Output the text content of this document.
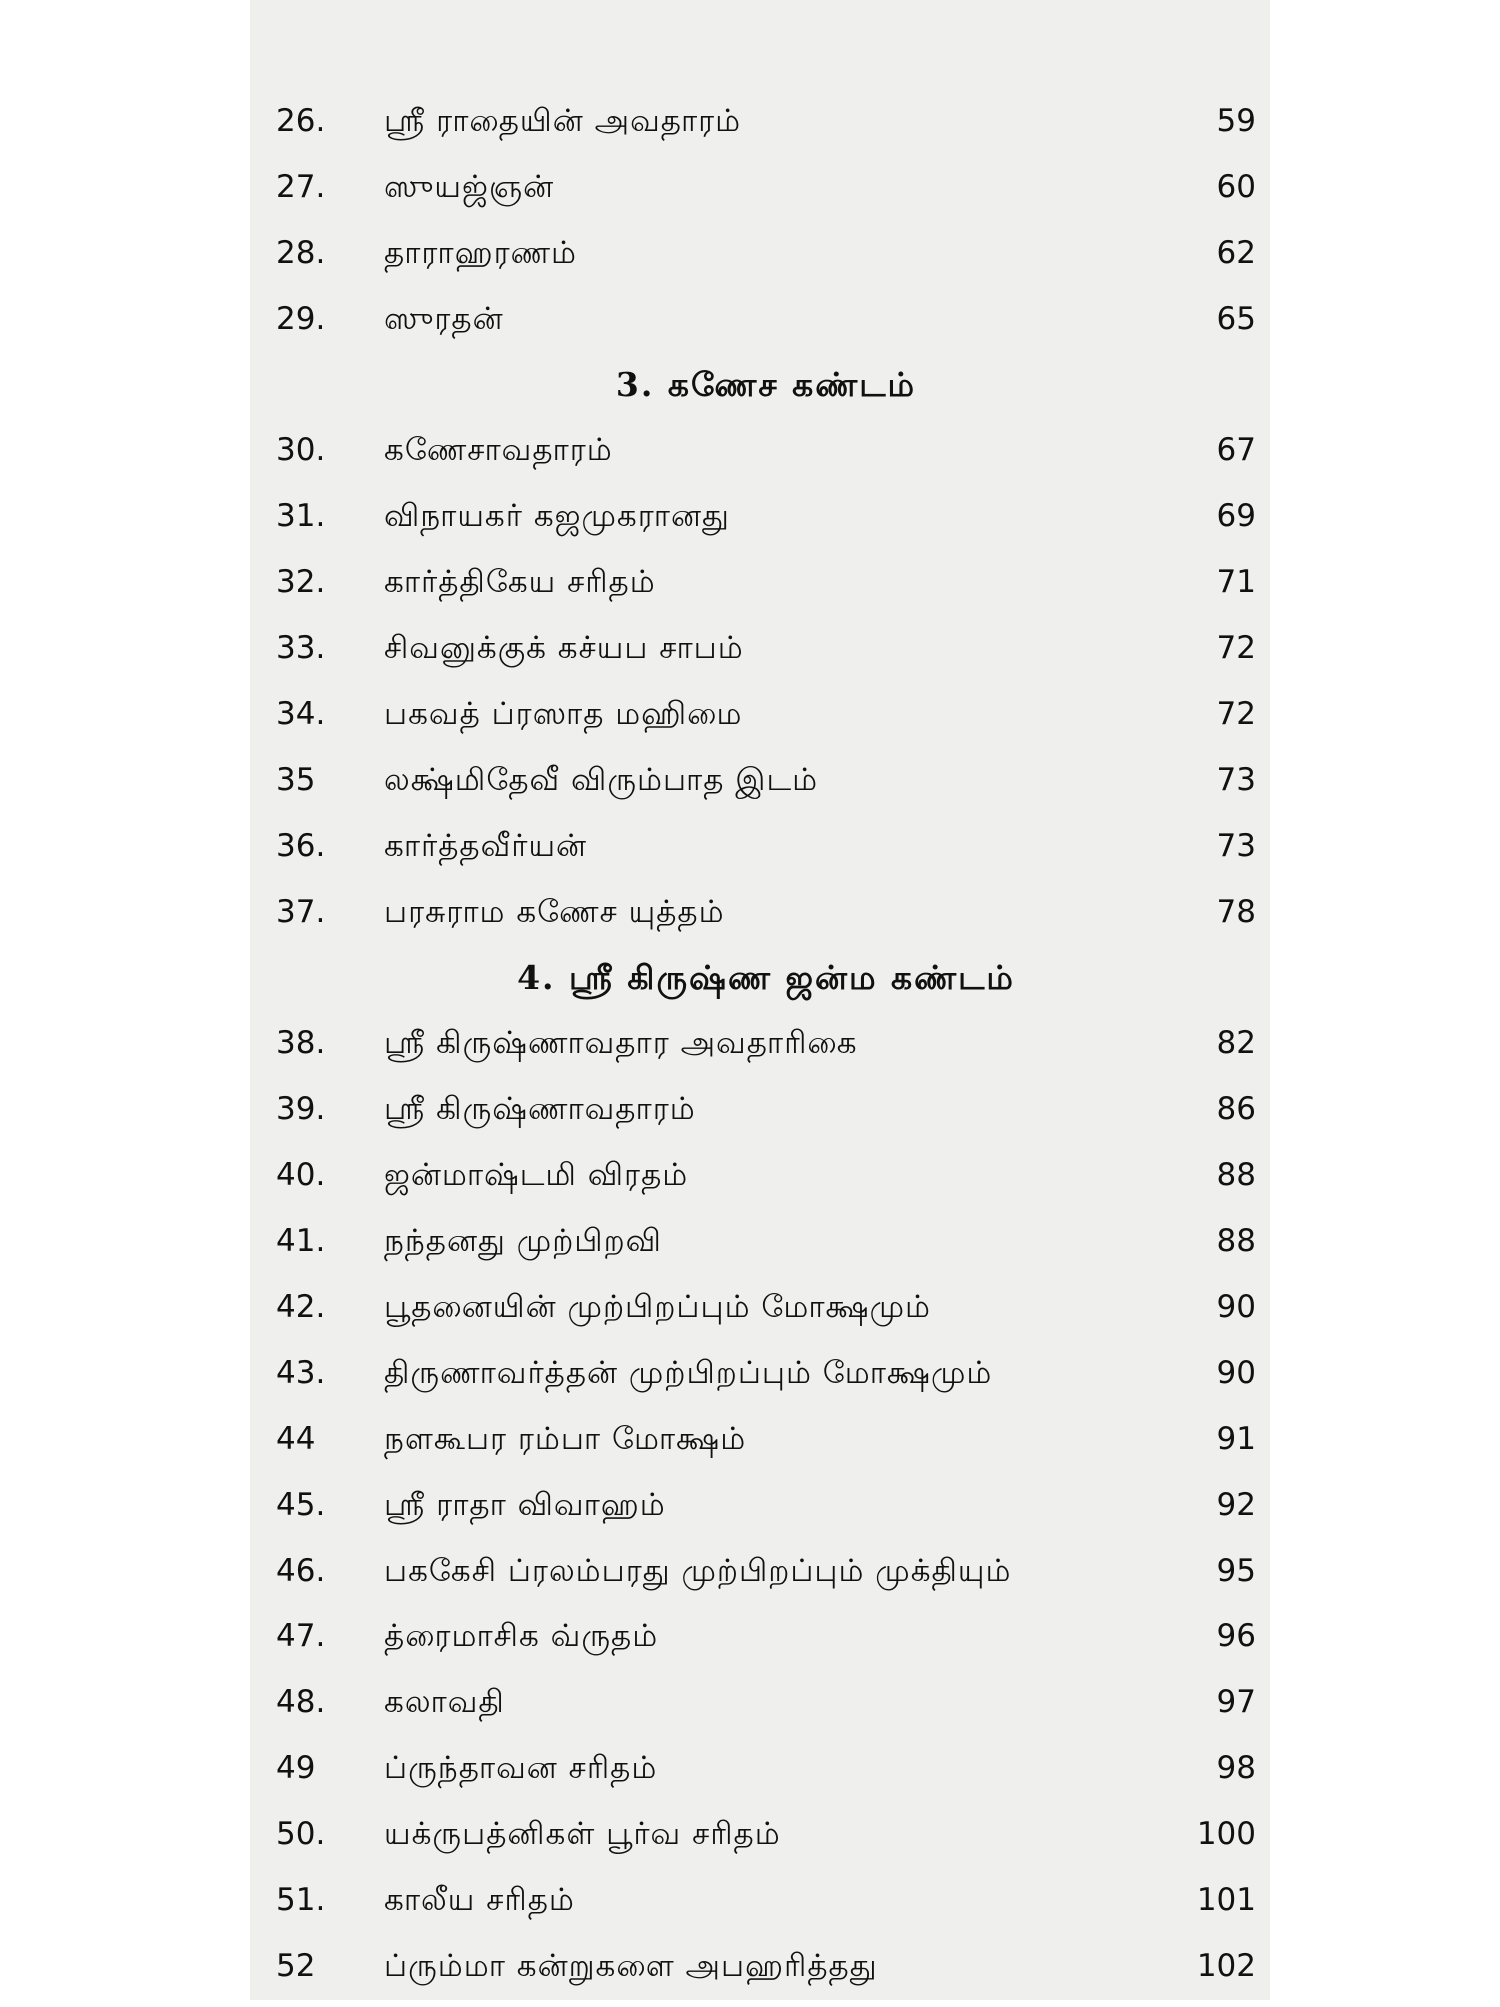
26.	ஸ்ரீ ராதையின் அவதாரம்	59
27.	ஸுயஜ்ஞன்	60
28.	தாராஹரணம்	62
29.	ஸுரதன்	65
3. கணேச கண்டம்
30.	கணேசாவதாரம்	67
31.	விநாயகர் கஜமுகரானது	69
32.	கார்த்திகேய சரிதம்	71
33.	சிவனுக்குக் கச்யப சாபம்	72
34.	பகவத் ப்ரஸாத மஹிமை	72
35	லக்ஷ்மிதேவீ விரும்பாத இடம்	73
36.	கார்த்தவீர்யன்	73
37.	பரசுராம கணேச யுத்தம்	78
4. ஸ்ரீ கிருஷ்ண ஜன்ம கண்டம்
38.	ஸ்ரீ கிருஷ்ணாவதார அவதாரிகை	82
39.	ஸ்ரீ கிருஷ்ணாவதாரம்	86
40.	ஜன்மாஷ்டமி விரதம்	88
41.	நந்தனது முற்பிறவி	88
42.	பூதனையின் முற்பிறப்பும் மோக்ஷமும்	90
43.	திருணாவர்த்தன் முற்பிறப்பும் மோக்ஷமும்	90
44	நளகூபர ரம்பா மோக்ஷம்	91
45.	ஸ்ரீ ராதா விவாஹம்	92
46.	பககேசி ப்ரலம்பரது முற்பிறப்பும் முக்தியும்	95
47.	த்ரைமாசிக வ்ருதம்	96
48.	கலாவதி	97
49	ப்ருந்தாவன சரிதம்	98
50.	யக்ருபத்னிகள் பூர்வ சரிதம்	100
51.	காலீய சரிதம்	101
52	ப்ரும்மா கன்றுகளை அபஹரித்தது	102
